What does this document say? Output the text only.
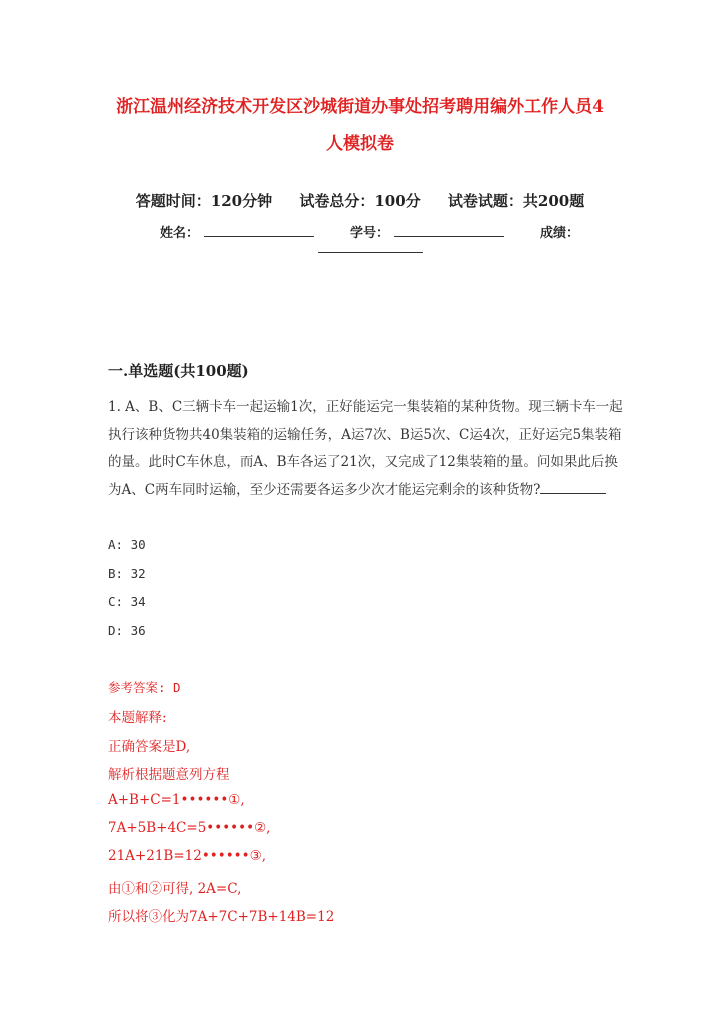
浙江温州经济技术开发区沙城街道办事处招考聘用编外工作人员4
人模拟卷
答题时间：120分钟 试卷总分：100分 试卷试题：共200题
姓名：	学号：	成绩：
一.单选题(共100题)
1. A、B、C三辆卡车一起运输1次，正好能运完一集装箱的某种货物。现三辆卡车一起执行该种货物共40集装箱的运输任务，A运7次、B运5次、C运4次，正好运完5集装箱的量。此时C车休息，而A、B车各运了21次，又完成了12集装箱的量。问如果此后换为A、C两车同时运输，至少还需要各运多少次才能运完剩余的该种货物?
A: 30
B: 32
C: 34
D: 36
参考答案: D
本题解释:
正确答案是D,
解析根据题意列方程
A+B+C=1••••••①,
7A+5B+4C=5••••••②,
21A+21B=12••••••③,
由①和②可得, 2A=C,
所以将③化为7A+7C+7B+14B=12
